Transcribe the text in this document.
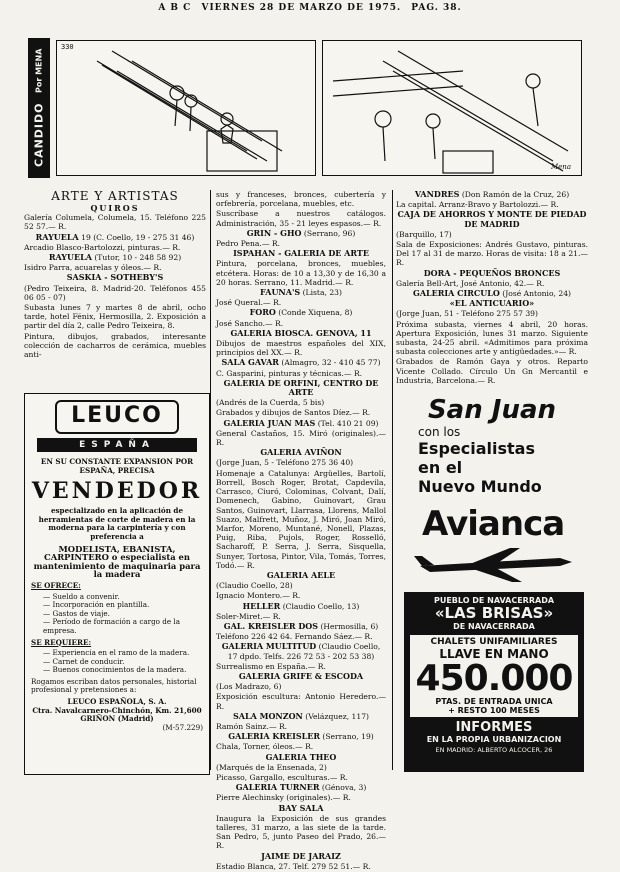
A B C VIERNES 28 DE MARZO DE 1975. PAG. 38.
CANDIDO
Por MENA
330
Mena
ARTE Y ARTISTAS
QUIROS
Galería Columela, Columela, 15. Teléfono 225 52 57.— R.
RAYUELA 19 (C. Coello, 19 - 275 31 46)
Arcadio Blasco-Bartolozzi, pinturas.— R.
RAYUELA (Tutor, 10 - 248 58 92)
Isidro Parra, acuarelas y óleos.— R.
SASKIA - SOTHEBY'S
(Pedro Teixeira, 8. Madrid-20. Teléfonos 455 06 05 - 07)
Subasta lunes 7 y martes 8 de abril, ocho tarde, hotel Fénix, Hermosilla, 2. Exposición a partir del día 2, calle Pedro Teixeira, 8.
Pintura, dibujos, grabados, interesante colección de cacharros de cerámica, muebles anti-
sus y franceses, bronces, cubertería y orfebrería, porcelana, muebles, etc.
Suscríbase a nuestros catálogos. Administración, 35 - 21 leyes espasos.— R.
GRIN - GHO (Serrano, 96)
Pedro Pena.— R.
ISPAHAN - GALERIA DE ARTE
Pintura, porcelana, bronces, muebles, etcétera. Horas: de 10 a 13,30 y de 16,30 a 20 horas. Serrano, 11. Madrid.— R.
FAUNA'S (Lista, 23)
José Queral.— R.
FORO (Conde Xiquena, 8)
José Sancho.— R.
GALERIA BIOSCA. GENOVA, 11
Dibujos de maestros españoles del XIX, principios del XX.— R.
SALA GAVAR (Almagro, 32 - 410 45 77)
C. Gasparini, pinturas y técnicas.— R.
GALERIA DE ORFINI, CENTRO DE ARTE
(Andrés de la Cuerda, 5 bis)
Grabados y dibujos de Santos Díez.— R.
GALERIA JUAN MAS (Tel. 410 21 09)
General Castaños, 15. Miró (originales).— R.
GALERIA AVIÑON
(Jorge Juan, 5 - Teléfono 275 36 40)
Homenaje a Catalunya: Argüelles, Bartolí, Borrell, Bosch Roger, Brotat, Capdevila, Carrasco, Ciuró, Colominas, Colvant, Dalí, Domenech, Gabino, Guinovart, Grau Santos, Guinovart, Llarrasa, Llorens, Mallol Suazo, Malfrett, Muñoz, J. Miró, Joan Miró, Marfor, Moreno, Muntané, Nonell, Plazas, Puig, Riba, Pujols, Roger, Rosselló, Sacharoff, P. Serra, J. Serra, Sisquella, Sunyer, Tortosa, Pintor, Vila, Tomás, Torres, Todó.— R.
GALERIA AELE
(Claudio Coello, 28)
Ignacio Montero.— R.
HELLER (Claudio Coello, 13)
Soler-Miret.— R.
GAL. KREISLER DOS (Hermosilla, 6)
Teléfono 226 42 64. Fernando Sáez.— R.
GALERIA MULTITUD (Claudio Coello, 17 dpdo. Telfs. 226 72 53 - 202 53 38)
Surrealismo en España.— R.
GALERIA GRIFE & ESCODA
(Los Madrazo, 6)
Exposición escultura: Antonio Heredero.— R.
SALA MONZON (Velázquez, 117)
Ramón Sainz.— R.
GALERIA KREISLER (Serrano, 19)
Chala, Torner, óleos.— R.
GALERIA THEO
(Marqués de la Ensenada, 2)
Picasso, Gargallo, esculturas.— R.
GALERIA TURNER (Génova, 3)
Pierre Alechinsky (originales).— R.
BAY SALA
Inaugura la Exposición de sus grandes talleres, 31 marzo, a las siete de la tarde. San Pedro, 5, junto Paseo del Prado, 26.— R.
JAIME DE JARAIZ
Estadio Blanca, 27. Telf. 279 52 51.— R.
VANDRES (Don Ramón de la Cruz, 26)
La capital. Arranz-Bravo y Bartolozzi.— R.
CAJA DE AHORROS Y MONTE DE PIEDAD DE MADRID
(Barquillo, 17)
Sala de Exposiciones: Andrés Gustavo, pinturas. Del 17 al 31 de marzo. Horas de visita: 18 a 21.— R.
DORA - PEQUEÑOS BRONCES
Galería Bell-Art, José Antonio, 42.— R.
GALERIA CIRCULO (José Antonio, 24)
«EL ANTICUARIO»
(Jorge Juan, 51 - Teléfono 275 57 39)
Próxima subasta, viernes 4 abril, 20 horas. Apertura Exposición, lunes 31 marzo. Siguiente subasta, 24-25 abril. «Admitimos para próxima subasta colecciones arte y antigüedades.»— R.
Grabados de Ramón Gaya y otros. Reparto Vicente Collado. Círculo Un Gn Mercantil e Industria, Barcelona.— R.
LEUCO
ESPAÑA
EN SU CONSTANTE EXPANSION POR ESPAÑA, PRECISA
VENDEDOR
especializado en la aplicación de herramientas de corte de madera en la moderna para la carpintería y con preferencia a
MODELISTA, EBANISTA, CARPINTERO o especialista en mantenimiento de maquinaria para la madera
SE OFRECE:
— Sueldo a convenir.
— Incorporación en plantilla.
— Gastos de viaje.
— Período de formación a cargo de la empresa.
SE REQUIERE:
— Experiencia en el ramo de la madera.
— Carnet de conducir.
— Buenos conocimientos de la madera.
Rogamos escriban datos personales, historial profesional y pretensiones a:
LEUCO ESPAÑOLA, S. A.
Ctra. Navalcarnero-Chinchón, Km. 21,600
GRIÑON (Madrid)
(M-57.229)
San Juan
con los
Especialistas
en el
Nuevo Mundo
Avianca
PUEBLO DE NAVACERRADA
«LAS BRISAS»
DE NAVACERRADA
CHALETS UNIFAMILIARES
LLAVE EN MANO
450.000
PTAS. DE ENTRADA UNICA
+ RESTO 100 MESES
INFORMES
EN LA PROPIA URBANIZACION
EN MADRID: ALBERTO ALCOCER, 26
